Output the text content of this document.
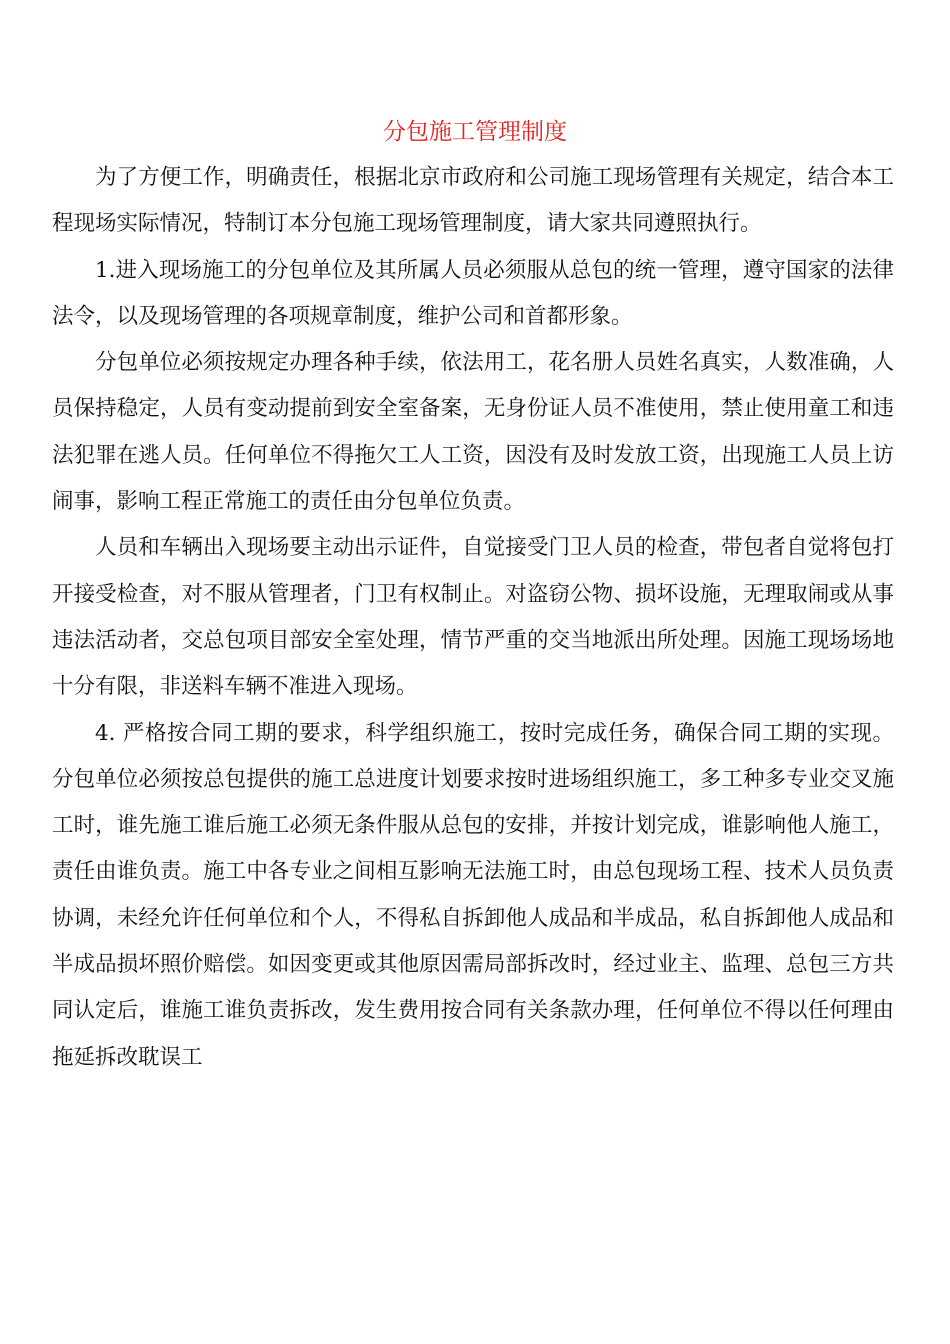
分包施工管理制度

为了方便工作，明确责任，根据北京市政府和公司施工现场管理有关规定，结合本工程现场实际情况，特制订本分包施工现场管理制度，请大家共同遵照执行。

1.进入现场施工的分包单位及其所属人员必须服从总包的统一管理，遵守国家的法律法令，以及现场管理的各项规章制度，维护公司和首都形象。

分包单位必须按规定办理各种手续，依法用工，花名册人员姓名真实，人数准确，人员保持稳定，人员有变动提前到安全室备案，无身份证人员不准使用，禁止使用童工和违法犯罪在逃人员。任何单位不得拖欠工人工资，因没有及时发放工资，出现施工人员上访闹事，影响工程正常施工的责任由分包单位负责。

人员和车辆出入现场要主动出示证件，自觉接受门卫人员的检查，带包者自觉将包打开接受检查，对不服从管理者，门卫有权制止。对盗窃公物、损坏设施，无理取闹或从事违法活动者，交总包项目部安全室处理，情节严重的交当地派出所处理。因施工现场场地十分有限，非送料车辆不准进入现场。

4. 严格按合同工期的要求，科学组织施工，按时完成任务，确保合同工期的实现。分包单位必须按总包提供的施工总进度计划要求按时进场组织施工，多工种多专业交叉施工时，谁先施工谁后施工必须无条件服从总包的安排，并按计划完成，谁影响他人施工，责任由谁负责。施工中各专业之间相互影响无法施工时，由总包现场工程、技术人员负责协调，未经允许任何单位和个人，不得私自拆卸他人成品和半成品，私自拆卸他人成品和半成品损坏照价赔偿。如因变更或其他原因需局部拆改时，经过业主、监理、总包三方共同认定后，谁施工谁负责拆改，发生费用按合同有关条款办理，任何单位不得以任何理由拖延拆改耽误工
